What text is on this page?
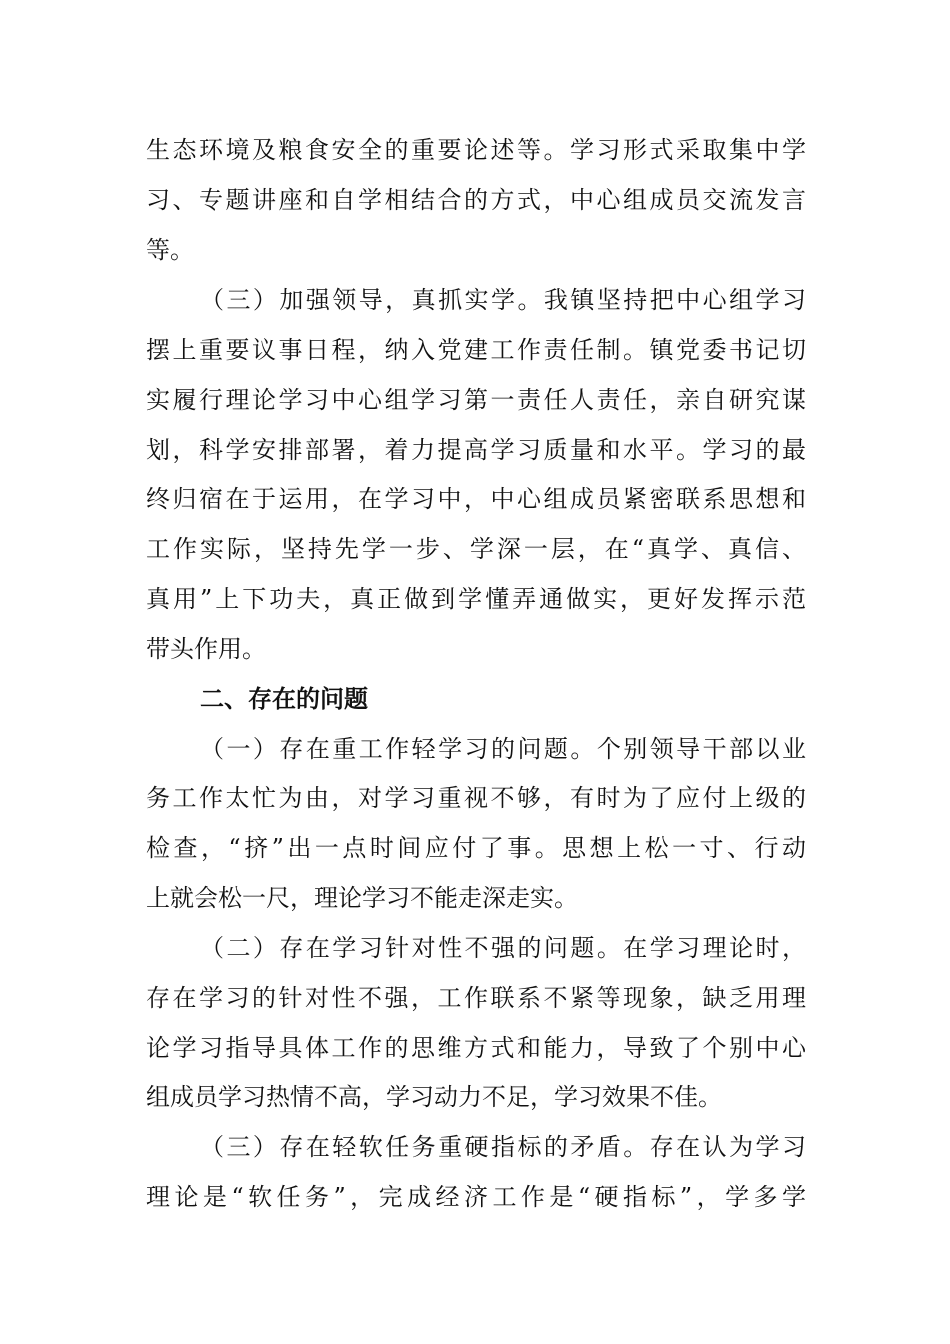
生态环境及粮食安全的重要论述等。学习形式采取集中学
习、专题讲座和自学相结合的方式，中心组成员交流发言
等。
（三）加强领导，真抓实学。我镇坚持把中心组学习
摆上重要议事日程，纳入党建工作责任制。镇党委书记切
实履行理论学习中心组学习第一责任人责任，亲自研究谋
划，科学安排部署，着力提高学习质量和水平。学习的最
终归宿在于运用，在学习中，中心组成员紧密联系思想和
工作实际，坚持先学一步、学深一层，在“真学、真信、
真用”上下功夫，真正做到学懂弄通做实，更好发挥示范
带头作用。
二、存在的问题
（一）存在重工作轻学习的问题。个别领导干部以业
务工作太忙为由，对学习重视不够，有时为了应付上级的
检查，“挤”出一点时间应付了事。思想上松一寸、行动
上就会松一尺，理论学习不能走深走实。
（二）存在学习针对性不强的问题。在学习理论时，
存在学习的针对性不强，工作联系不紧等现象，缺乏用理
论学习指导具体工作的思维方式和能力，导致了个别中心
组成员学习热情不高，学习动力不足，学习效果不佳。
（三）存在轻软任务重硬指标的矛盾。存在认为学习
理论是“软任务”，完成经济工作是“硬指标”，学多学
